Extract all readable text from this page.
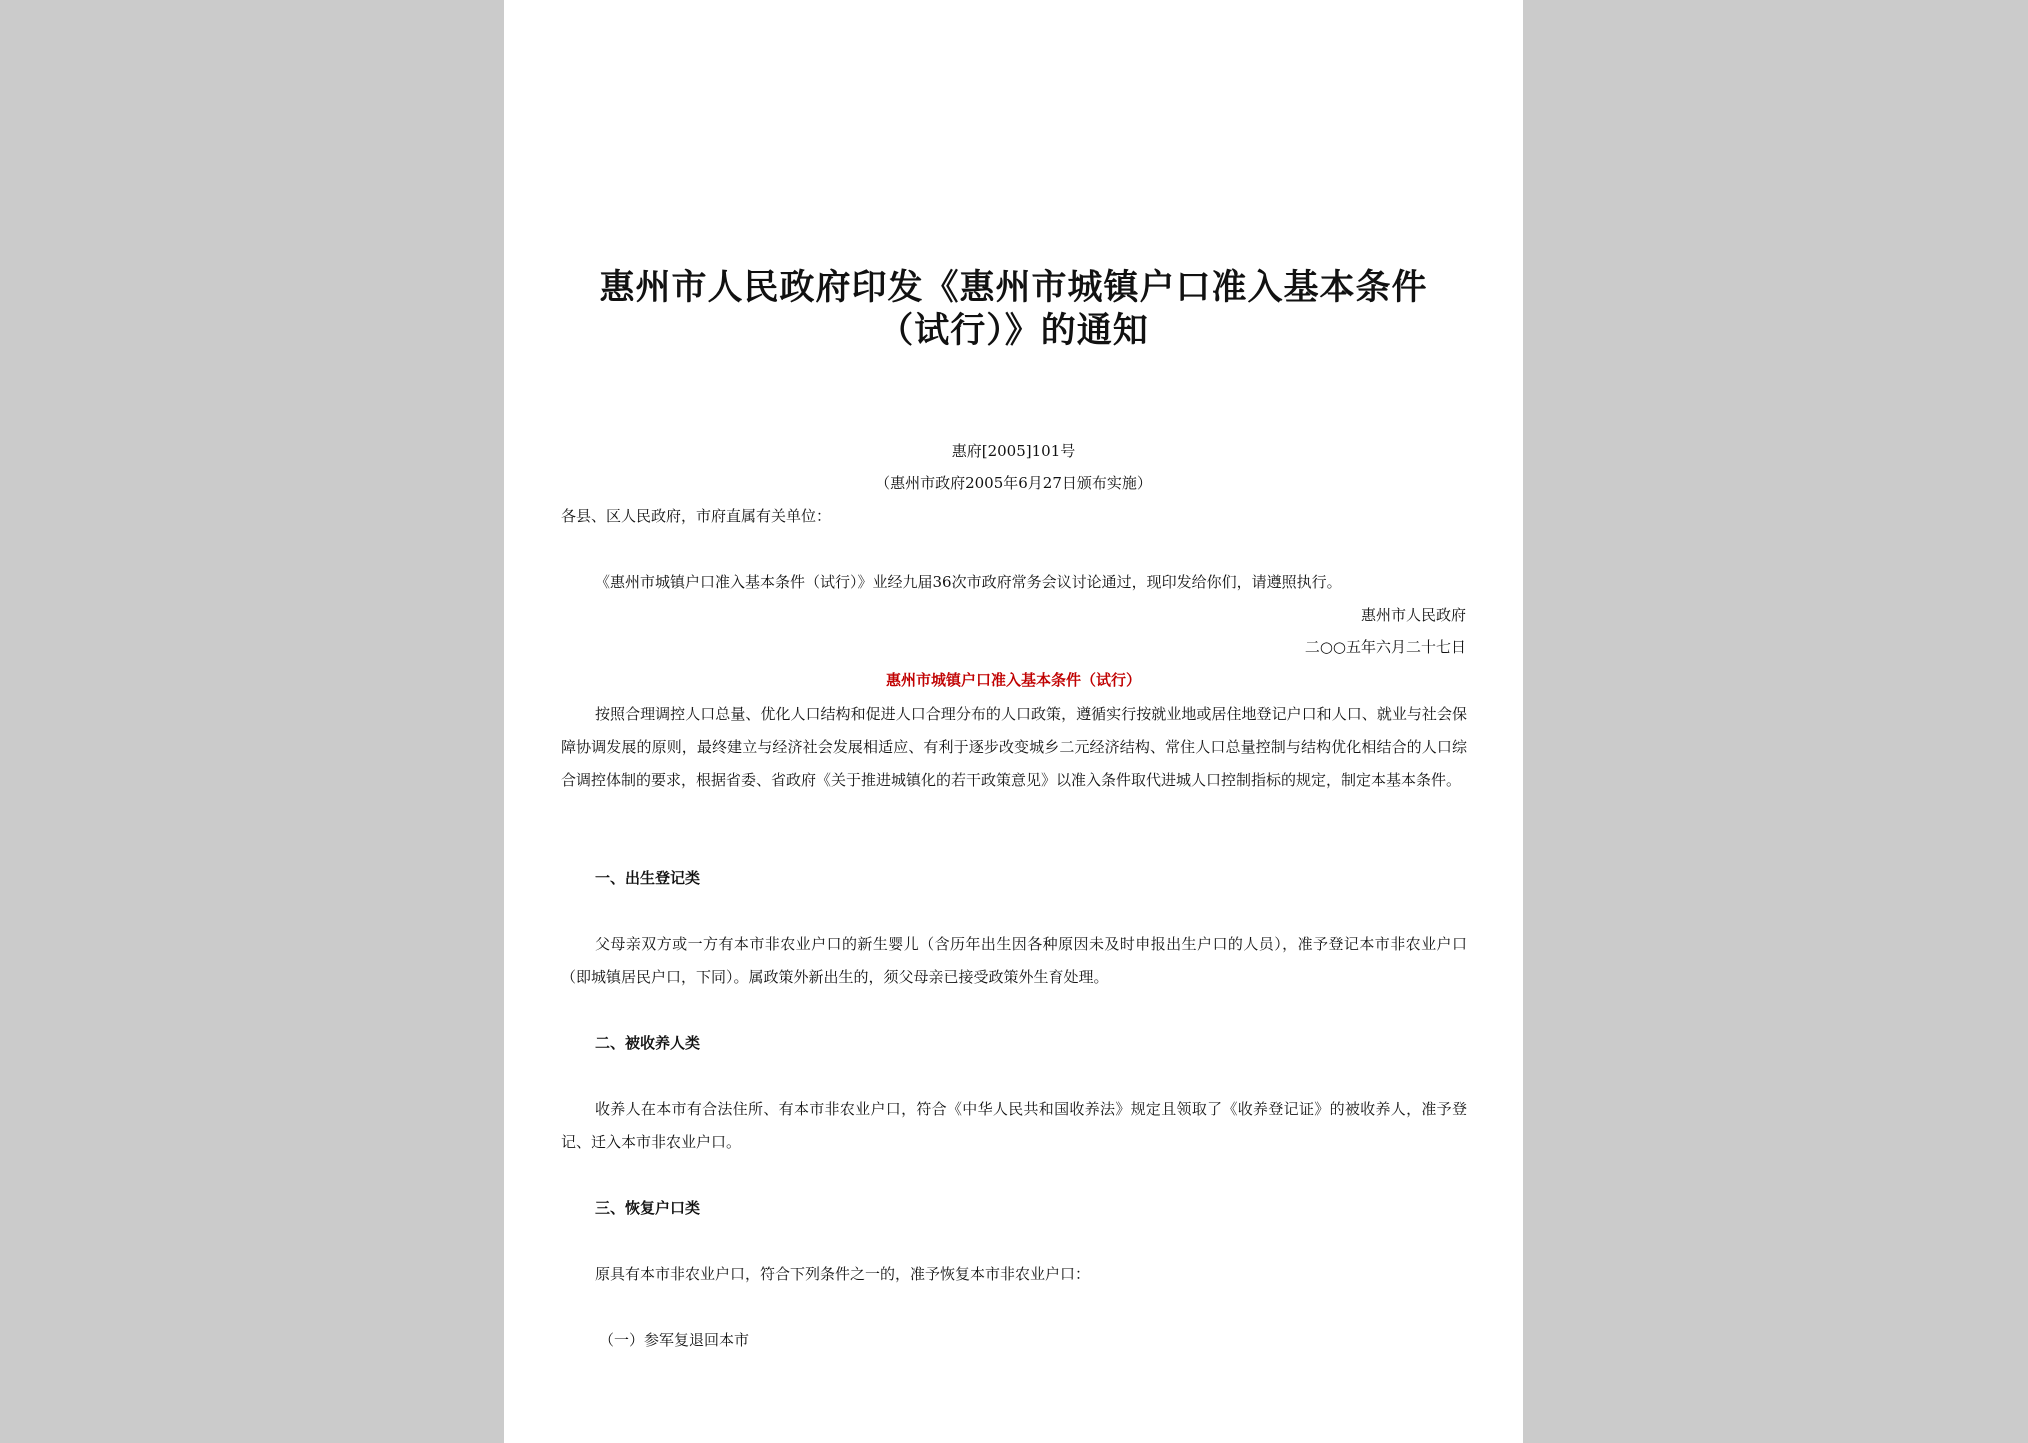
惠州市人民政府印发《惠州市城镇户口准入基本条件
（试行）》的通知
惠府[2005]101号
（惠州市政府2005年6月27日颁布实施）
各县、区人民政府，市府直属有关单位：
《惠州市城镇户口准入基本条件（试行）》业经九届36次市政府常务会议讨论通过，现印发给你们，请遵照执行。
惠州市人民政府
二○○五年六月二十七日
惠州市城镇户口准入基本条件（试行）
按照合理调控人口总量、优化人口结构和促进人口合理分布的人口政策，遵循实行按就业地或居住地登记户口和人口、就业与社会保障协调发展的原则，最终建立与经济社会发展相适应、有利于逐步改变城乡二元经济结构、常住人口总量控制与结构优化相结合的人口综合调控体制的要求，根据省委、省政府《关于推进城镇化的若干政策意见》以准入条件取代进城人口控制指标的规定，制定本基本条件。
一、出生登记类
父母亲双方或一方有本市非农业户口的新生婴儿（含历年出生因各种原因未及时申报出生户口的人员），准予登记本市非农业户口（即城镇居民户口，下同）。属政策外新出生的，须父母亲已接受政策外生育处理。
二、被收养人类
收养人在本市有合法住所、有本市非农业户口，符合《中华人民共和国收养法》规定且领取了《收养登记证》的被收养人，准予登记、迁入本市非农业户口。
三、恢复户口类
原具有本市非农业户口，符合下列条件之一的，准予恢复本市非农业户口：
（一）参军复退回本市
